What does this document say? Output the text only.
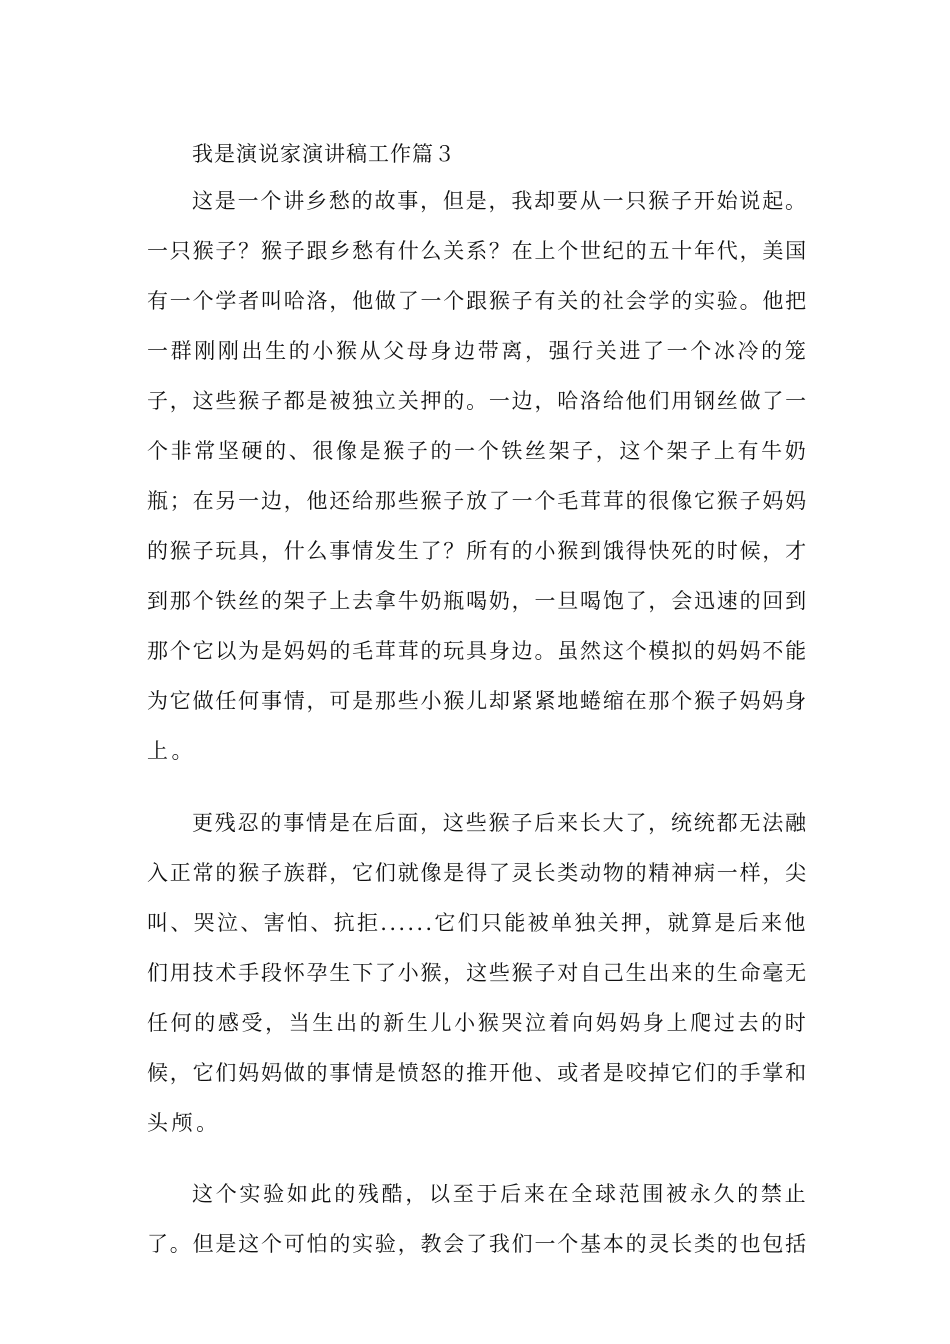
我是演说家演讲稿工作篇３
这是一个讲乡愁的故事，但是，我却要从一只猴子开始说起。
一只猴子？猴子跟乡愁有什么关系？在上个世纪的五十年代，美国
有一个学者叫哈洛，他做了一个跟猴子有关的社会学的实验。他把
一群刚刚出生的小猴从父母身边带离，强行关进了一个冰冷的笼
子，这些猴子都是被独立关押的。一边，哈洛给他们用钢丝做了一
个非常坚硬的、很像是猴子的一个铁丝架子，这个架子上有牛奶
瓶；在另一边，他还给那些猴子放了一个毛茸茸的很像它猴子妈妈
的猴子玩具，什么事情发生了？所有的小猴到饿得快死的时候，才
到那个铁丝的架子上去拿牛奶瓶喝奶，一旦喝饱了，会迅速的回到
那个它以为是妈妈的毛茸茸的玩具身边。虽然这个模拟的妈妈不能
为它做任何事情，可是那些小猴儿却紧紧地蜷缩在那个猴子妈妈身
上。
更残忍的事情是在后面，这些猴子后来长大了，统统都无法融
入正常的猴子族群，它们就像是得了灵长类动物的精神病一样，尖
叫、哭泣、害怕、抗拒......它们只能被单独关押，就算是后来他
们用技术手段怀孕生下了小猴，这些猴子对自己生出来的生命毫无
任何的感受，当生出的新生儿小猴哭泣着向妈妈身上爬过去的时
候，它们妈妈做的事情是愤怒的推开他、或者是咬掉它们的手掌和
头颅。
这个实验如此的残酷，以至于后来在全球范围被永久的禁止
了。但是这个可怕的实验，教会了我们一个基本的灵长类的也包括
